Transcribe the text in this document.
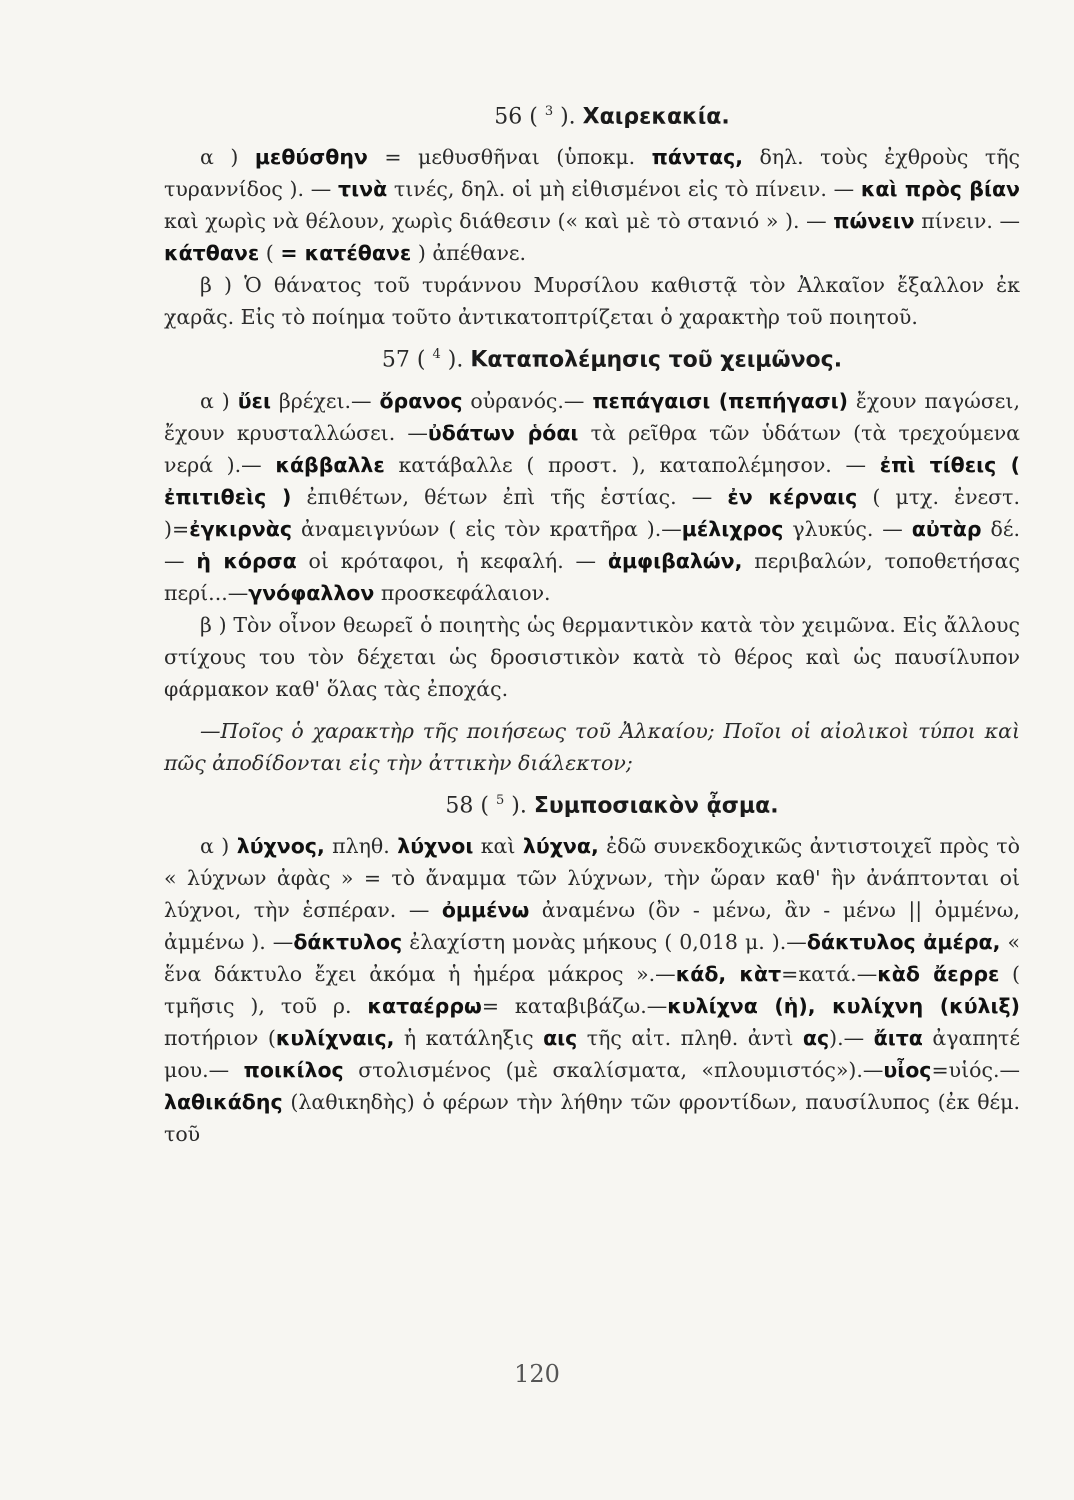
56 ( $^3$ ). Χαιρεκακία.

α ) μεθύσθην = μεθυσθῆναι (ὑποκμ. πάντας, δηλ. τοὺς ἐχθροὺς τῆς τυραννίδος ). — τινὰ τινές, δηλ. οἱ μὴ εἰθισμένοι εἰς τὸ πίνειν. — καὶ πρὸς βίαν καὶ χωρὶς νὰ θέλουν, χωρὶς διάθεσιν (« καὶ μὲ τὸ στανιό » ). — πώνειν πίνειν. — κάτθανε ( = κατέθανε ) ἀπέθανε.

β ) Ὁ θάνατος τοῦ τυράννου Μυρσίλου καθιστᾷ τὸν Ἀλκαῖον ἔξαλλον ἐκ χαρᾶς. Εἰς τὸ ποίημα τοῦτο ἀντικατοπτρίζεται ὁ χαρακτὴρ τοῦ ποιητοῦ.

57 ( $^4$ ). Καταπολέμησις τοῦ χειμῶνος.

α ) ὔει βρέχει.— ὄρανος οὐρανός.— πεπάγαισι (πεπήγασι) ἔχουν παγώσει, ἔχουν κρυσταλλώσει. —ὐδάτων ῥόαι τὰ ρεῖθρα τῶν ὑδάτων (τὰ τρεχούμενα νερά ).— κάββαλλε κατάβαλλε ( προστ. ), καταπολέμησον. — ἐπὶ τίθεις ( ἐπιτιθεὶς ) ἐπιθέτων, θέτων ἐπὶ τῆς ἑστίας. — ἐν κέρναις ( μτχ. ἐνεστ. )=ἐγκιρνὰς ἀναμειγνύων ( εἰς τὸν κρατῆρα ).—μέλιχρος γλυκύς. — αὐτὰρ δέ. — ἡ κόρσα οἱ κρόταφοι, ἡ κεφαλή. — ἀμφιβαλών, περιβαλών, τοποθετήσας περί...—γνόφαλλον προσκεφάλαιον.

β ) Τὸν οἶνον θεωρεῖ ὁ ποιητὴς ὡς θερμαντικὸν κατὰ τὸν χειμῶνα. Εἰς ἄλλους στίχους του τὸν δέχεται ὡς δροσιστικὸν κατὰ τὸ θέρος καὶ ὡς παυσίλυπον φάρμακον καθ' ὅλας τὰς ἐποχάς.

—Ποῖος ὁ χαρακτὴρ τῆς ποιήσεως τοῦ Ἀλκαίου; Ποῖοι οἱ αἰολικοὶ τύποι καὶ πῶς ἀποδίδονται εἰς τὴν ἀττικὴν διάλεκτον;

58 ( $^5$ ). Συμποσιακὸν ᾆσμα.

α ) λύχνος, πληθ. λύχνοι καὶ λύχνα, ἐδῶ συνεκδοχικῶς ἀντιστοιχεῖ πρὸς τὸ « λύχνων ἀφὰς » = τὸ ἄναμμα τῶν λύχνων, τὴν ὥραν καθ' ἣν ἀνάπτονται οἱ λύχνοι, τὴν ἑσπέραν. — ὀμμένω ἀναμένω (ὂν - μένω, ἂν - μένω || ὀμμένω, ἀμμένω ). —δάκτυλος ἐλαχίστη μονὰς μήκους ( 0,018 μ. ).—δάκτυλος ἀμέρα, « ἕνα δάκτυλο ἔχει ἀκόμα ἡ ἡμέρα μάκρος ».—κάδ, κὰτ=κατά.—κὰδ ἄερρε ( τμῆσις ), τοῦ ρ. καταέρρω= καταβιβάζω.—κυλίχνα (ἡ), κυλίχνη (κύλιξ) ποτήριον (κυλίχναις, ἡ κατάληξις αις τῆς αἰτ. πληθ. ἀντὶ ας).— ἄιτα ἀγαπητέ μου.— ποικίλος στολισμένος (μὲ σκαλίσματα, «πλουμιστός»).—υἶος=υἱός.—λαθικάδης (λαθικηδὴς) ὁ φέρων τὴν λήθην τῶν φροντίδων, παυσίλυπος (ἐκ θέμ. τοῦ

120
